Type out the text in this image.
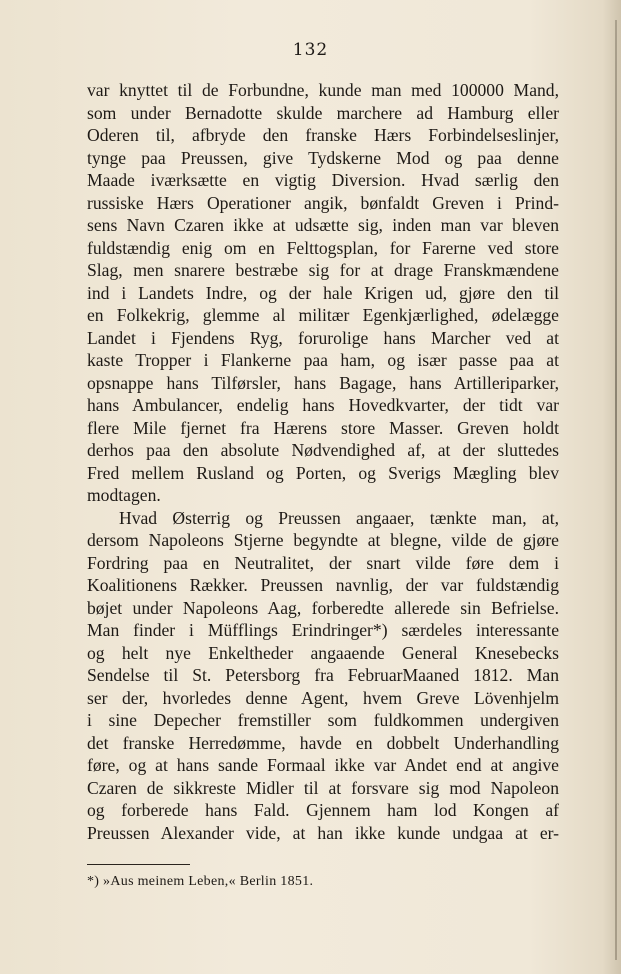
132
var knyttet til de Forbundne, kunde man med 100000 Mand,
som under Bernadotte skulde marchere ad Hamburg eller
Oderen til, afbryde den franske Hærs Forbindelseslinjer,
tynge paa Preussen, give Tydskerne Mod og paa denne
Maade iværksætte en vigtig Diversion. Hvad særlig den
russiske Hærs Operationer angik, bønfaldt Greven i Prind-
sens Navn Czaren ikke at udsætte sig, inden man var bleven
fuldstændig enig om en Felttogsplan, for Farerne ved store
Slag, men snarere bestræbe sig for at drage Franskmændene
ind i Landets Indre, og der hale Krigen ud, gjøre den til
en Folkekrig, glemme al militær Egenkjærlighed, ødelægge
Landet i Fjendens Ryg, forurolige hans Marcher ved at
kaste Tropper i Flankerne paa ham, og især passe paa at
opsnappe hans Tilførsler, hans Bagage, hans Artilleriparker,
hans Ambulancer, endelig hans Hovedkvarter, der tidt var
flere Mile fjernet fra Hærens store Masser. Greven holdt
derhos paa den absolute Nødvendighed af, at der sluttedes
Fred mellem Rusland og Porten, og Sverigs Mægling blev
modtagen.
Hvad Østerrig og Preussen angaaer, tænkte man, at,
dersom Napoleons Stjerne begyndte at blegne, vilde de gjøre
Fordring paa en Neutralitet, der snart vilde føre dem i
Koalitionens Rækker. Preussen navnlig, der var fuldstændig
bøjet under Napoleons Aag, forberedte allerede sin Befrielse.
Man finder i Müfflings Erindringer*) særdeles interessante
og helt nye Enkeltheder angaaende General Knesebecks
Sendelse til St. Petersborg fra FebruarMaaned 1812. Man
ser der, hvorledes denne Agent, hvem Greve Lövenhjelm
i sine Depecher fremstiller som fuldkommen undergiven
det franske Herredømme, havde en dobbelt Underhandling
føre, og at hans sande Formaal ikke var Andet end at angive
Czaren de sikkreste Midler til at forsvare sig mod Napoleon
og forberede hans Fald. Gjennem ham lod Kongen af
Preussen Alexander vide, at han ikke kunde undgaa at er-
*) »Aus meinem Leben,« Berlin 1851.
